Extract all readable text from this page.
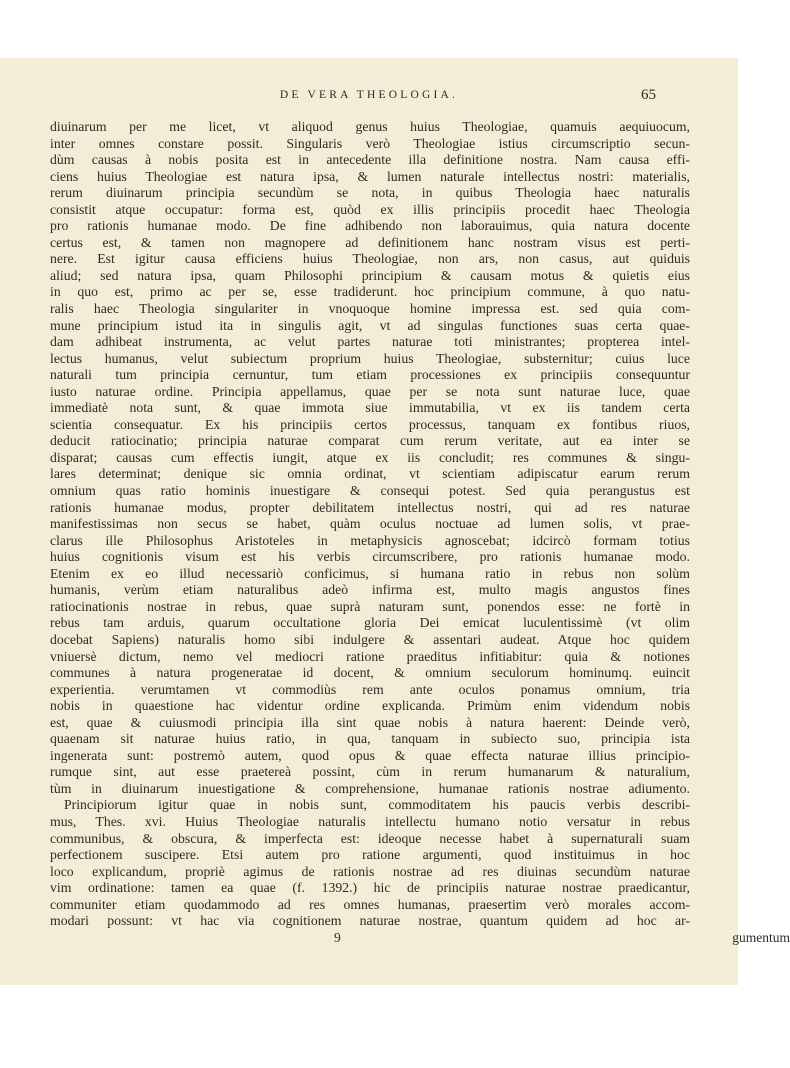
DE VERA THEOLOGIA.	65
diuinarum per me licet, vt aliquod genus huius Theologiae, quamuis aequiuocum,
inter omnes constare possit. Singularis verò Theologiae istius circumscriptio secun-
dùm causas à nobis posita est in antecedente illa definitione nostra. Nam causa effi-
ciens huius Theologiae est natura ipsa, & lumen naturale intellectus nostri: materialis,
rerum diuinarum principia secundùm se nota, in quibus Theologia haec naturalis
consistit atque occupatur: forma est, quòd ex illis principiis procedit haec Theologia
pro rationis humanae modo. De fine adhibendo non laborauimus, quia natura docente
certus est, & tamen non magnopere ad definitionem hanc nostram visus est perti-
nere. Est igitur causa efficiens huius Theologiae, non ars, non casus, aut quiduis
aliud; sed natura ipsa, quam Philosophi principium & causam motus & quietis eius
in quo est, primo ac per se, esse tradiderunt. hoc principium commune, à quo natu-
ralis haec Theologia singulariter in vnoquoque homine impressa est. sed quia com-
mune principium istud ita in singulis agit, vt ad singulas functiones suas certa quae-
dam adhibeat instrumenta, ac velut partes naturae toti ministrantes; propterea intel-
lectus humanus, velut subiectum proprium huius Theologiae, substernitur; cuius luce
naturali tum principia cernuntur, tum etiam processiones ex principiis consequuntur
iusto naturae ordine. Principia appellamus, quae per se nota sunt naturae luce, quae
immediatè nota sunt, & quae immota siue immutabilia, vt ex iis tandem certa
scientia consequatur. Ex his principiis certos processus, tanquam ex fontibus riuos,
deducit ratiocinatio; principia naturae comparat cum rerum veritate, aut ea inter se
disparat; causas cum effectis iungit, atque ex iis concludit; res communes & singu-
lares determinat; denique sic omnia ordinat, vt scientiam adipiscatur earum rerum
omnium quas ratio hominis inuestigare & consequi potest. Sed quia perangustus est
rationis humanae modus, propter debilitatem intellectus nostri, qui ad res naturae
manifestissimas non secus se habet, quàm oculus noctuae ad lumen solis, vt prae-
clarus ille Philosophus Aristoteles in metaphysicis agnoscebat; idcircò formam totius
huius cognitionis visum est his verbis circumscribere, pro rationis humanae modo.
Etenim ex eo illud necessariò conficimus, si humana ratio in rebus non solùm
humanis, verùm etiam naturalibus adeò infirma est, multo magis angustos fines
ratiocinationis nostrae in rebus, quae suprà naturam sunt, ponendos esse: ne fortè in
rebus tam arduis, quarum occultatione gloria Dei emicat luculentissimè (vt olim
docebat Sapiens) naturalis homo sibi indulgere & assentari audeat. Atque hoc quidem
vniuersè dictum, nemo vel mediocri ratione praeditus infitiabitur: quia & notiones
communes à natura progeneratae id docent, & omnium seculorum hominumq. euincit
experientia. verumtamen vt commodiùs rem ante oculos ponamus omnium, tria
nobis in quaestione hac videntur ordine explicanda. Primùm enim videndum nobis
est, quae & cuiusmodi principia illa sint quae nobis à natura haerent: Deinde verò,
quaenam sit naturae huius ratio, in qua, tanquam in subiecto suo, principia ista
ingenerata sunt: postremò autem, quod opus & quae effecta naturae illius principio-
rumque sint, aut esse praetereà possint, cùm in rerum humanarum & naturalium,
tùm in diuinarum inuestigatione & comprehensione, humanae rationis nostrae adiumento.
Principiorum igitur quae in nobis sunt, commoditatem his paucis verbis describi-
mus, Thes. xvi. Huius Theologiae naturalis intellectu humano notio versatur in rebus
communibus, & obscura, & imperfecta est: ideoque necesse habet à supernaturali suam
perfectionem suscipere. Etsi autem pro ratione argumenti, quod instituimus in hoc
loco explicandum, propriè agimus de rationis nostrae ad res diuinas secundùm naturae
vim ordinatione: tamen ea quae (f. 1392.) hic de principiis naturae nostrae praedicantur,
communiter etiam quodammodo ad res omnes humanas, praesertim verò morales accom-
modari possunt: vt hac via cognitionem naturae nostrae, quantum quidem ad hoc ar-
9	gumentum
